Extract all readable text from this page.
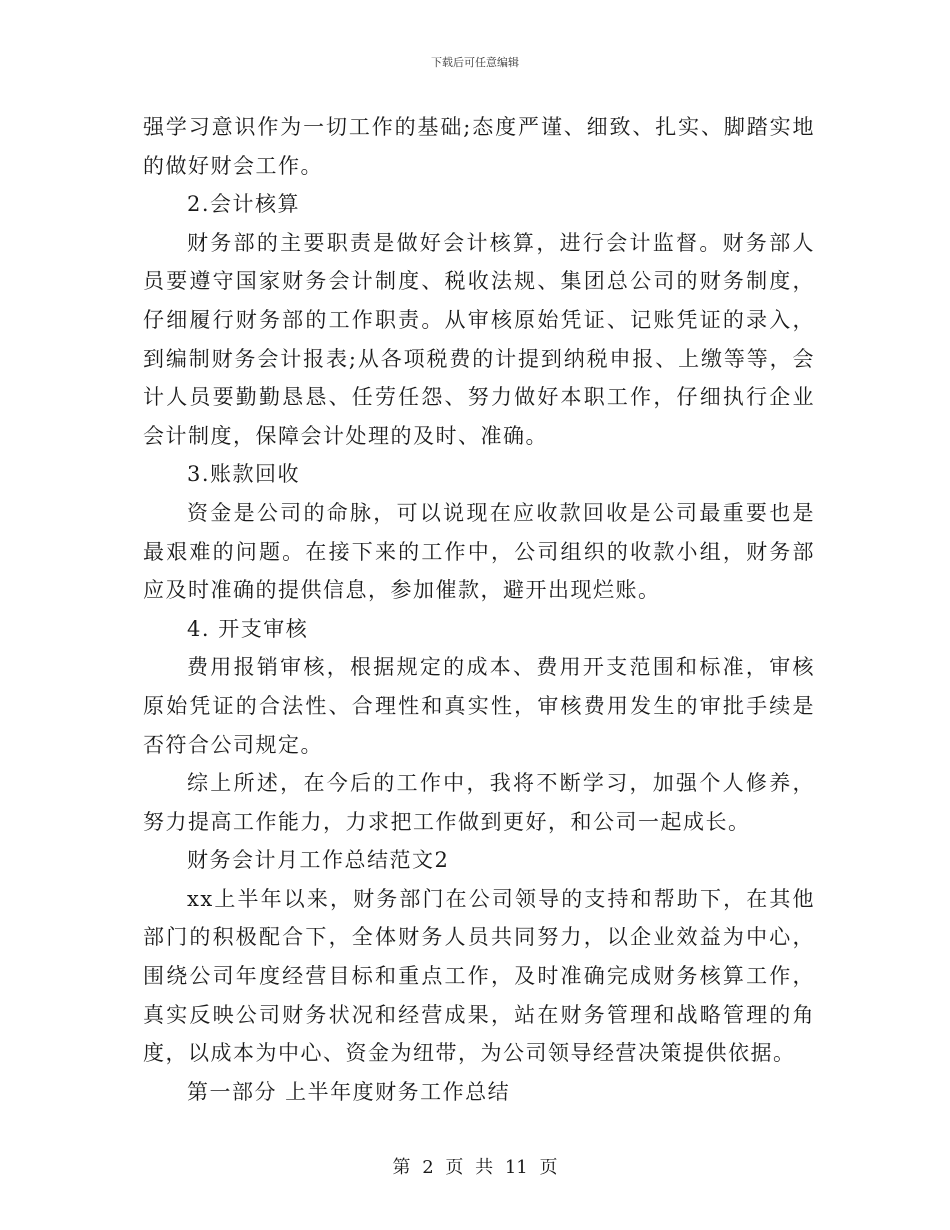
下载后可任意编辑

强学习意识作为一切工作的基础;态度严谨、细致、扎实、脚踏实地的做好财会工作。

2.会计核算

财务部的主要职责是做好会计核算，进行会计监督。财务部人员要遵守国家财务会计制度、税收法规、集团总公司的财务制度，仔细履行财务部的工作职责。从审核原始凭证、记账凭证的录入，到编制财务会计报表;从各项税费的计提到纳税申报、上缴等等，会计人员要勤勤恳恳、任劳任怨、努力做好本职工作，仔细执行企业会计制度，保障会计处理的及时、准确。

3.账款回收

资金是公司的命脉，可以说现在应收款回收是公司最重要也是最艰难的问题。在接下来的工作中，公司组织的收款小组，财务部应及时准确的提供信息，参加催款，避开出现烂账。

4. 开支审核

费用报销审核，根据规定的成本、费用开支范围和标准，审核原始凭证的合法性、合理性和真实性，审核费用发生的审批手续是否符合公司规定。

综上所述，在今后的工作中，我将不断学习，加强个人修养，努力提高工作能力，力求把工作做到更好，和公司一起成长。

财务会计月工作总结范文2

xx上半年以来，财务部门在公司领导的支持和帮助下，在其他部门的积极配合下，全体财务人员共同努力，以企业效益为中心，围绕公司年度经营目标和重点工作，及时准确完成财务核算工作，真实反映公司财务状况和经营成果，站在财务管理和战略管理的角度，以成本为中心、资金为纽带，为公司领导经营决策提供依据。

第一部分 上半年度财务工作总结

第 2 页 共 11 页
